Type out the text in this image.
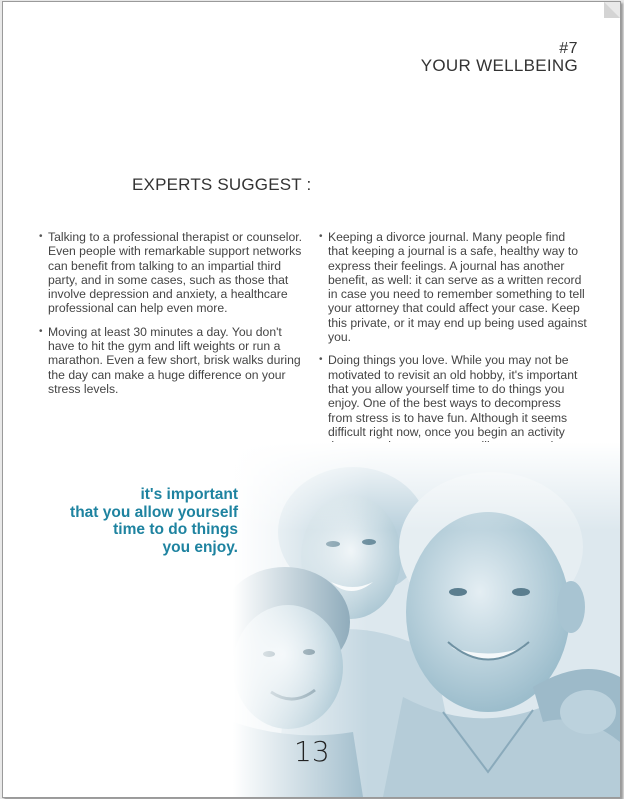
#7
YOUR WELLBEING
EXPERTS SUGGEST :
• Talking to a professional therapist or counselor. Even people with remarkable support networks can benefit from talking to an impartial third party, and in some cases, such as those that involve depression and anxiety, a healthcare professional can help even more.
• Moving at least 30 minutes a day. You don't have to hit the gym and lift weights or run a marathon. Even a few short, brisk walks during the day can make a huge difference on your stress levels.
• Keeping a divorce journal. Many people find that keeping a journal is a safe, healthy way to express their feelings. A journal has another benefit, as well: it can serve as a written record in case you need to remember something to tell your attorney that could affect your case. Keep this private, or it may end up being used against you.
• Doing things you love. While you may not be motivated to revisit an old hobby, it's important that you allow yourself time to do things you enjoy. One of the best ways to decompress from stress is to have fun. Although it seems difficult right now, once you begin an activity
it's important
that you allow yourself
time to do things
you enjoy.
13
